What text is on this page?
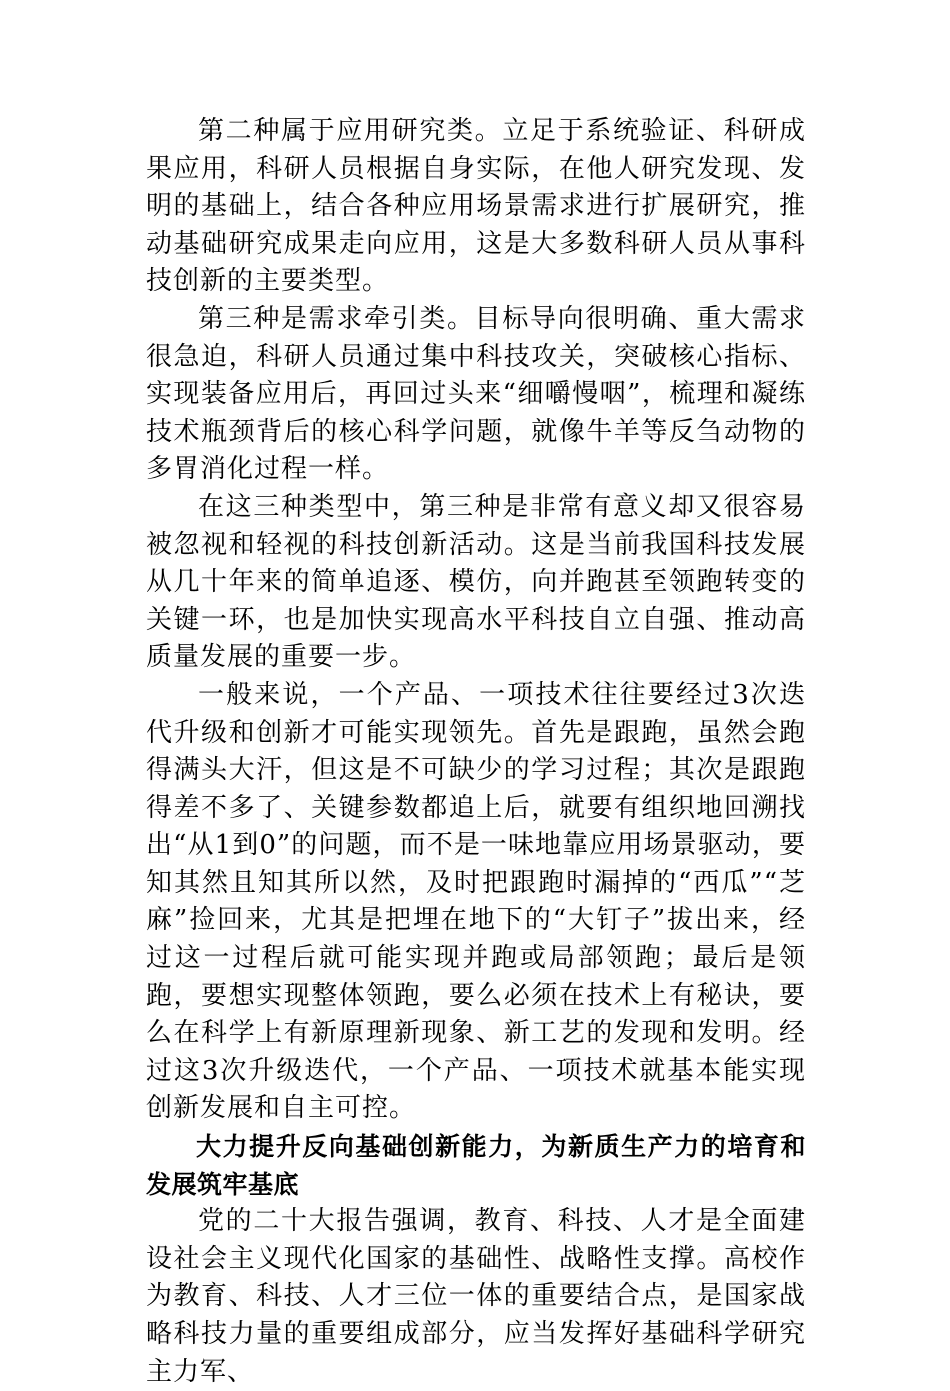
第二种属于应用研究类。立足于系统验证、科研成果应用，科研人员根据自身实际，在他人研究发现、发明的基础上，结合各种应用场景需求进行扩展研究，推动基础研究成果走向应用，这是大多数科研人员从事科技创新的主要类型。

第三种是需求牵引类。目标导向很明确、重大需求很急迫，科研人员通过集中科技攻关，突破核心指标、实现装备应用后，再回过头来“细嚼慢咽”，梳理和凝练技术瓶颈背后的核心科学问题，就像牛羊等反刍动物的多胃消化过程一样。

在这三种类型中，第三种是非常有意义却又很容易被忽视和轻视的科技创新活动。这是当前我国科技发展从几十年来的简单追逐、模仿，向并跑甚至领跑转变的关键一环，也是加快实现高水平科技自立自强、推动高质量发展的重要一步。

一般来说，一个产品、一项技术往往要经过3次迭代升级和创新才可能实现领先。首先是跟跑，虽然会跑得满头大汗，但这是不可缺少的学习过程；其次是跟跑得差不多了、关键参数都追上后，就要有组织地回溯找出“从1到0”的问题，而不是一味地靠应用场景驱动，要知其然且知其所以然，及时把跟跑时漏掉的“西瓜”“芝麻”捡回来，尤其是把埋在地下的“大钉子”拔出来，经过这一过程后就可能实现并跑或局部领跑；最后是领跑，要想实现整体领跑，要么必须在技术上有秘诀，要么在科学上有新原理新现象、新工艺的发现和发明。经过这3次升级迭代，一个产品、一项技术就基本能实现创新发展和自主可控。

大力提升反向基础创新能力，为新质生产力的培育和发展筑牢基底

党的二十大报告强调，教育、科技、人才是全面建设社会主义现代化国家的基础性、战略性支撑。高校作为教育、科技、人才三位一体的重要结合点，是国家战略科技力量的重要组成部分，应当发挥好基础科学研究主力军、
